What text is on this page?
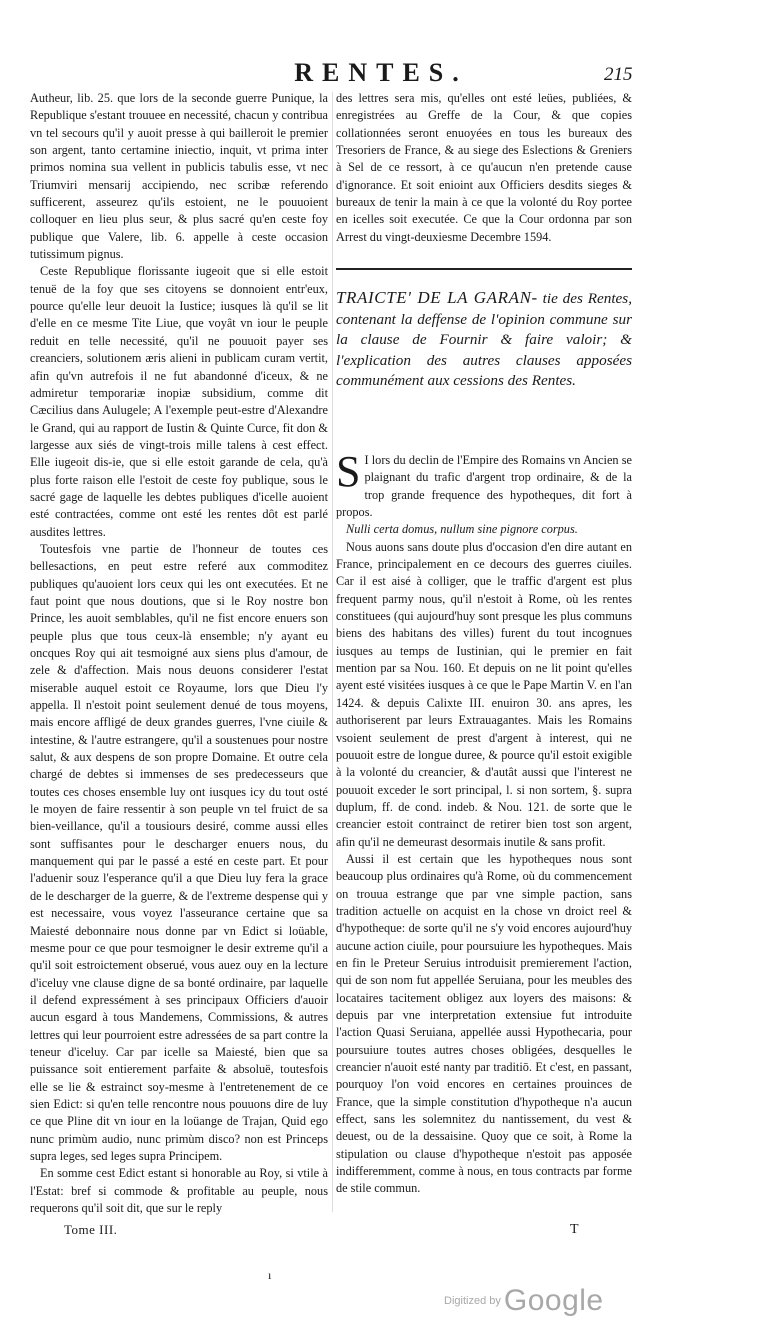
RENTES.	215

Autheur, lib. 25. que lors de la seconde guerre Punique, la Republique s'estant trouuee en necessité, chacun y contribua vn tel secours qu'il y auoit presse à qui bailleroit le premier son argent, tanto certamine iniectio, inquit, vt prima inter primos nomina sua vellent in publicis tabulis esse, vt nec Triumviri mensarij accipiendo, nec scribæ referendo sufficerent, asseurez qu'ils estoient, ne le pouuoient colloquer en lieu plus seur, & plus sacré qu'en ceste foy publique que Valere, lib. 6. appelle à ceste occasion tutissimum pignus.

Ceste Republique florissante iugeoit que si elle estoit tenuë de la foy que ses citoyens se donnoient entr'eux, pource qu'elle leur deuoit la Iustice; iusques là qu'il se lit d'elle en ce mesme Tite Liue, que voyât vn iour le peuple reduit en telle necessité, qu'il ne pouuoit payer ses creanciers, solutionem æris alieni in publicam curam vertit, afin qu'vn autrefois il ne fut abandonné d'iceux, & ne admiretur temporariæ inopiæ subsidium, comme dit Cæcilius dans Aulugele; A l'exemple peut-estre d'Alexandre le Grand, qui au rapport de Iustin & Quinte Curce, fit don & largesse aux siés de vingt-trois mille talens à cest effect. Elle iugeoit dis-ie, que si elle estoit garande de cela, qu'à plus forte raison elle l'estoit de ceste foy publique, sous le sacré gage de laquelle les debtes publiques d'icelle auoient esté contractées, comme ont esté les rentes dôt est parlé ausdites lettres.

Toutesfois vne partie de l'honneur de toutes ces bellesactions, en peut estre referé aux commoditez publiques qu'auoient lors ceux qui les ont executées. Et ne faut point que nous doutions, que si le Roy nostre bon Prince, les auoit semblables, qu'il ne fist encore enuers son peuple plus que tous ceux-là ensemble; n'y ayant eu oncques Roy qui ait tesmoigné aux siens plus d'amour, de zele & d'affection. Mais nous deuons considerer l'estat miserable auquel estoit ce Royaume, lors que Dieu l'y appella. Il n'estoit point seulement denué de tous moyens, mais encore affligé de deux grandes guerres, l'vne ciuile & intestine, & l'autre estrangere, qu'il a soustenues pour nostre salut, & aux despens de son propre Domaine. Et outre cela chargé de debtes si immenses de ses predecesseurs que toutes ces choses ensemble luy ont iusques icy du tout osté le moyen de faire ressentir à son peuple vn tel fruict de sa bien-veillance, qu'il a tousiours desiré, comme aussi elles sont suffisantes pour le descharger enuers nous, du manquement qui par le passé a esté en ceste part. Et pour l'aduenir souz l'esperance qu'il a que Dieu luy fera la grace de le descharger de la guerre, & de l'extreme despense qui y est necessaire, vous voyez l'asseurance certaine que sa Maiesté debonnaire nous donne par vn Edict si loüable, mesme pour ce que pour tesmoigner le desir extreme qu'il a qu'il soit estroictement obserué, vous auez ouy en la lecture d'iceluy vne clause digne de sa bonté ordinaire, par laquelle il defend expressément à ses principaux Officiers d'auoir aucun esgard à tous Mandemens, Commissions, & autres lettres qui leur pourroient estre adressées de sa part contre la teneur d'iceluy. Car par icelle sa Maiesté, bien que sa puissance soit entierement parfaite & absoluë, toutesfois elle se lie & estrainct soy-mesme à l'entretenement de ce sien Edict: si qu'en telle rencontre nous pouuons dire de luy ce que Pline dit vn iour en la loüange de Trajan, Quid ego nunc primùm audio, nunc primùm disco? non est Princeps supra leges, sed leges supra Principem.

En somme cest Edict estant si honorable au Roy, si vtile à l'Estat: bref si commode & profitable au peuple, nous requerons qu'il soit dit, que sur le reply

des lettres sera mis, qu'elles ont esté leües, publiées, & enregistrées au Greffe de la Cour, & que copies collationnées seront enuoyées en tous les bureaux des Tresoriers de France, & au siege des Eslections & Greniers à Sel de ce ressort, à ce qu'aucun n'en pretende cause d'ignorance. Et soit enioint aux Officiers desdits sieges & bureaux de tenir la main à ce que la volonté du Roy portee en icelles soit executée. Ce que la Cour ordonna par son Arrest du vingt-deuxiesme Decembre 1594.

TRAICTE' DE LA GARAN- tie des Rentes, contenant la deffense de l'opinion commune sur la clause de Fournir & faire valoir; & l'explication des autres clauses apposées communément aux cessions des Rentes.

S I lors du declin de l'Empire des Romains vn Ancien se plaignant du trafic d'argent trop ordinaire, & de la trop grande frequence des hypotheques, dit fort à propos.

Nulli certa domus, nullum sine pignore corpus.

Nous auons sans doute plus d'occasion d'en dire autant en France, principalement en ce decours des guerres ciuiles. Car il est aisé à colliger, que le traffic d'argent est plus frequent parmy nous, qu'il n'estoit à Rome, où les rentes constituees (qui aujourd'huy sont presque les plus communs biens des habitans des villes) furent du tout incognues iusques au temps de Iustinian, qui le premier en fait mention par sa Nou. 160. Et depuis on ne lit point qu'elles ayent esté visitées iusques à ce que le Pape Martin V. en l'an 1424. & depuis Calixte III. enuiron 30. ans apres, les authoriserent par leurs Extrauagantes. Mais les Romains vsoient seulement de prest d'argent à interest, qui ne pouuoit estre de longue duree, & pource qu'il estoit exigible à la volonté du creancier, & d'autât aussi que l'interest ne pouuoit exceder le sort principal, l. si non sortem, §. supra duplum, ff. de cond. indeb. & Nou. 121. de sorte que le creancier estoit contrainct de retirer bien tost son argent, afin qu'il ne demeurast desormais inutile & sans profit.

Aussi il est certain que les hypotheques nous sont beaucoup plus ordinaires qu'à Rome, où du commencement on trouua estrange que par vne simple paction, sans tradition actuelle on acquist en la chose vn droict reel & d'hypotheque: de sorte qu'il ne s'y void encores aujourd'huy aucune action ciuile, pour poursuiure les hypotheques. Mais en fin le Preteur Seruius introduisit premierement l'action, qui de son nom fut appellée Seruiana, pour les meubles des locataires tacitement obligez aux loyers des maisons: & depuis par vne interpretation extensiue fut introduite l'action Quasi Seruiana, appellée aussi Hypothecaria, pour poursuiure toutes autres choses obligées, desquelles le creancier n'auoit esté nanty par traditiō. Et c'est, en passant, pourquoy l'on void encores en certaines prouinces de France, que la simple constitution d'hypotheque n'a aucun effect, sans les solemnitez du nantissement, du vest & deuest, ou de la dessaisine. Quoy que ce soit, à Rome la stipulation ou clause d'hypotheque n'estoit pas apposée indifferemment, comme à nous, en tous contracts par forme de stile commun.

Tome III.	T
ı
$^{Digitized by}$ Google
